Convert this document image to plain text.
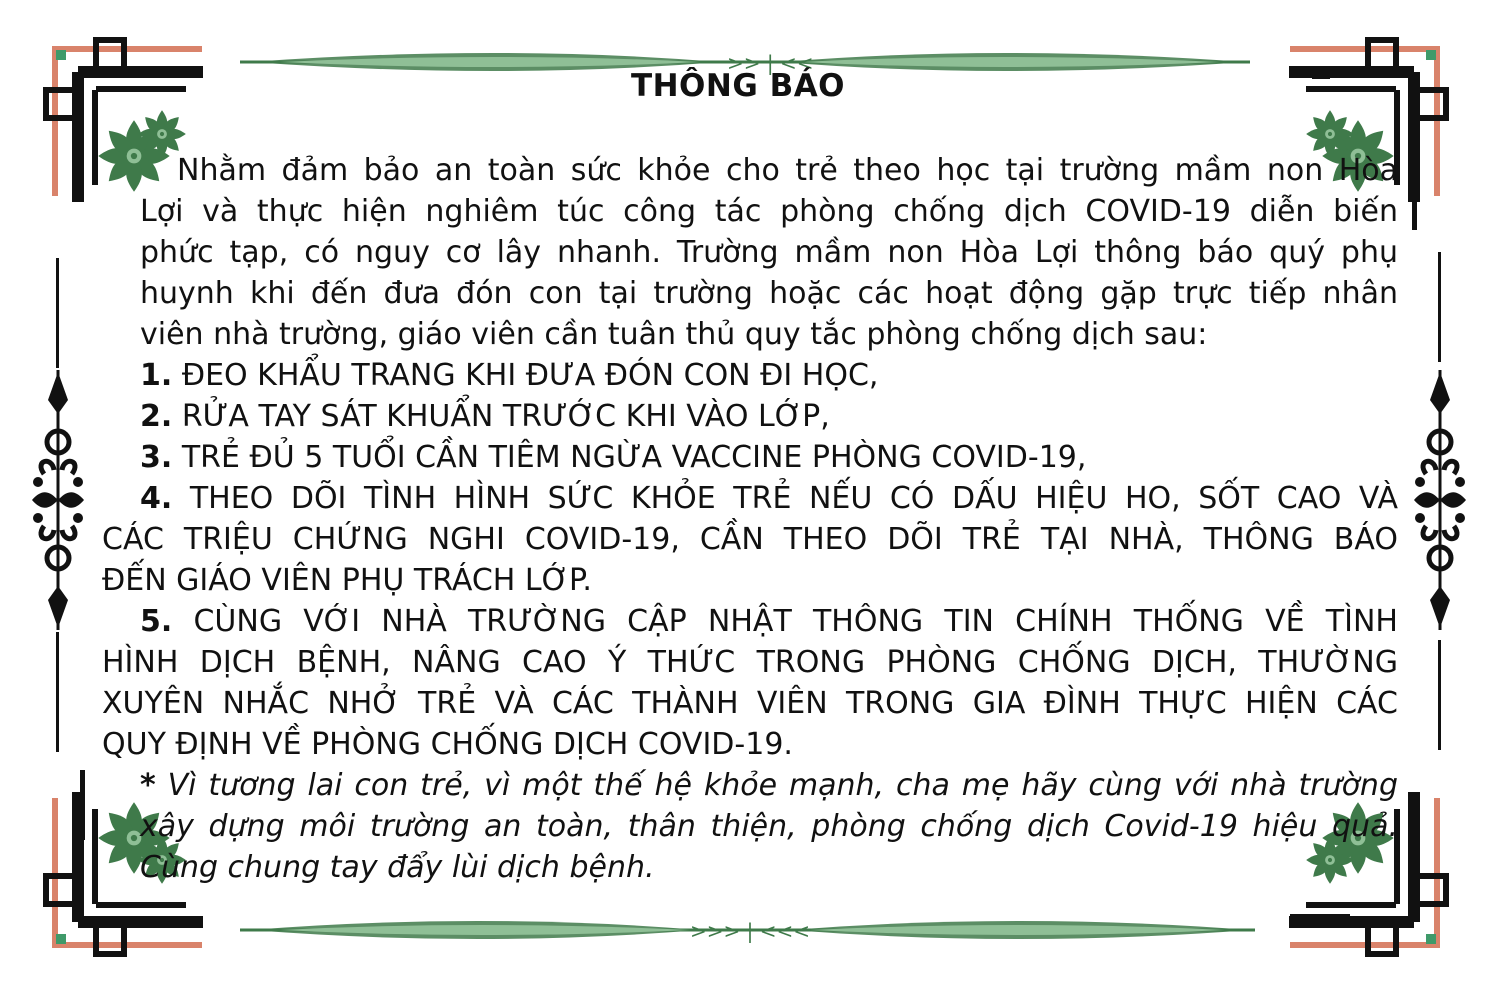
>> | <<
>>> | <<<
THÔNG BÁO

Nhằm đảm bảo an toàn sức khỏe cho trẻ theo học tại trường mầm non Hòa

Lợi và thực hiện nghiêm túc công tác phòng chống dịch COVID-19 diễn biến

phức tạp, có nguy cơ lây nhanh. Trường mầm non Hòa Lợi thông báo quý phụ

huynh khi đến đưa đón con tại trường hoặc các hoạt động gặp trực tiếp nhân

viên nhà trường, giáo viên cần tuân thủ quy tắc phòng chống dịch sau:

1. ĐEO KHẨU TRANG KHI ĐƯA ĐÓN CON ĐI HỌC,

2. RỬA TAY SÁT KHUẨN TRƯỚC KHI VÀO LỚP,

3. TRẺ ĐỦ 5 TUỔI CẦN TIÊM NGỪA VACCINE PHÒNG COVID-19,

4. THEO DÕI TÌNH HÌNH SỨC KHỎE TRẺ NẾU CÓ DẤU HIỆU HO, SỐT CAO VÀ

CÁC TRIỆU CHỨNG NGHI COVID-19, CẦN THEO DÕI TRẺ TẠI NHÀ, THÔNG BÁO

ĐẾN GIÁO VIÊN PHỤ TRÁCH LỚP.

5. CÙNG VỚI NHÀ TRƯỜNG CẬP NHẬT THÔNG TIN CHÍNH THỐNG VỀ TÌNH

HÌNH DỊCH BỆNH, NÂNG CAO Ý THỨC TRONG PHÒNG CHỐNG DỊCH, THƯỜNG

XUYÊN NHẮC NHỞ TRẺ VÀ CÁC THÀNH VIÊN TRONG GIA ĐÌNH THỰC HIỆN CÁC

QUY ĐỊNH VỀ PHÒNG CHỐNG DỊCH COVID-19.

* Vì tương lai con trẻ, vì một thế hệ khỏe mạnh, cha mẹ hãy cùng với nhà trường

xây dựng môi trường an toàn, thân thiện, phòng chống dịch Covid-19 hiệu quả.

Cùng chung tay đẩy lùi dịch bệnh.
